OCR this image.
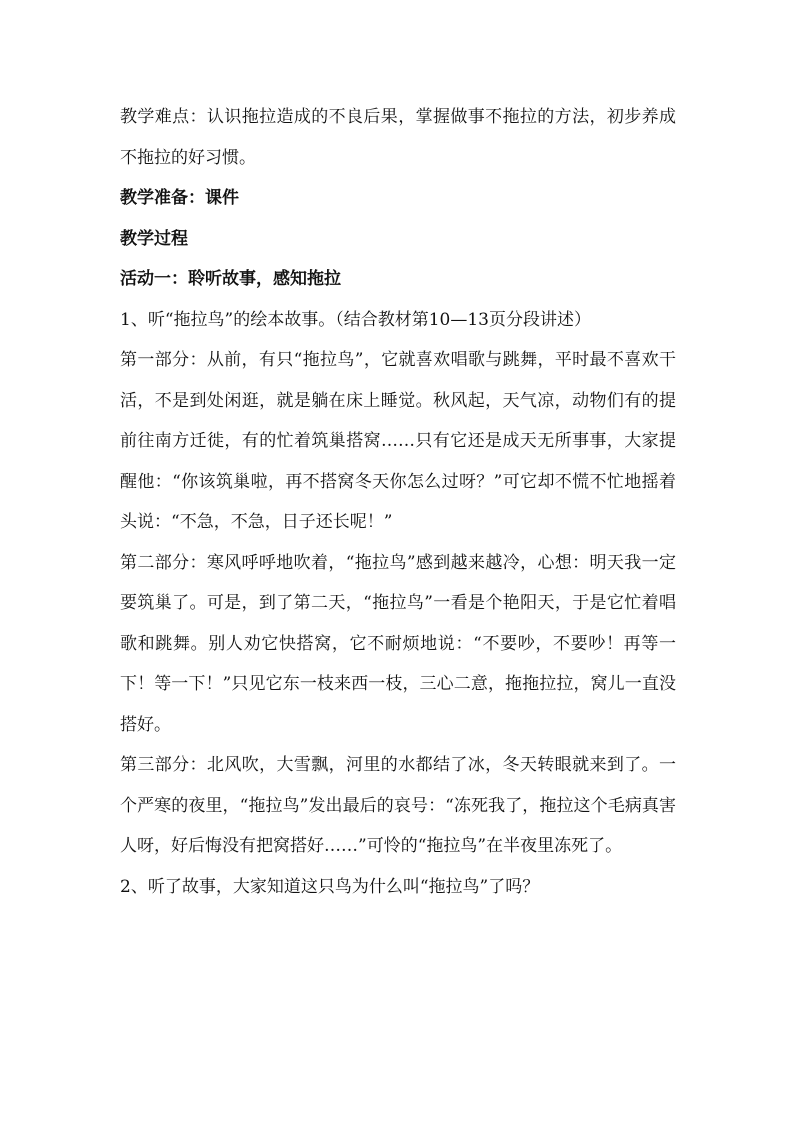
教学难点：认识拖拉造成的不良后果，掌握做事不拖拉的方法，初步养成不拖拉的好习惯。

教学准备：课件

教学过程

活动一：聆听故事，感知拖拉

1、听“拖拉鸟”的绘本故事。（结合教材第10—13页分段讲述）

第一部分：从前，有只“拖拉鸟”，它就喜欢唱歌与跳舞，平时最不喜欢干活，不是到处闲逛，就是躺在床上睡觉。秋风起，天气凉，动物们有的提前往南方迁徙，有的忙着筑巢搭窝……只有它还是成天无所事事，大家提醒他：“你该筑巢啦，再不搭窝冬天你怎么过呀？”可它却不慌不忙地摇着头说：“不急，不急，日子还长呢！”

第二部分：寒风呼呼地吹着，“拖拉鸟”感到越来越冷，心想：明天我一定要筑巢了。可是，到了第二天，“拖拉鸟”一看是个艳阳天，于是它忙着唱歌和跳舞。别人劝它快搭窝，它不耐烦地说：“不要吵，不要吵！再等一下！等一下！”只见它东一枝来西一枝，三心二意，拖拖拉拉，窝儿一直没搭好。

第三部分：北风吹，大雪飘，河里的水都结了冰，冬天转眼就来到了。一个严寒的夜里，“拖拉鸟”发出最后的哀号：“冻死我了，拖拉这个毛病真害人呀，好后悔没有把窝搭好……”可怜的“拖拉鸟”在半夜里冻死了。

2、听了故事，大家知道这只鸟为什么叫“拖拉鸟”了吗？
